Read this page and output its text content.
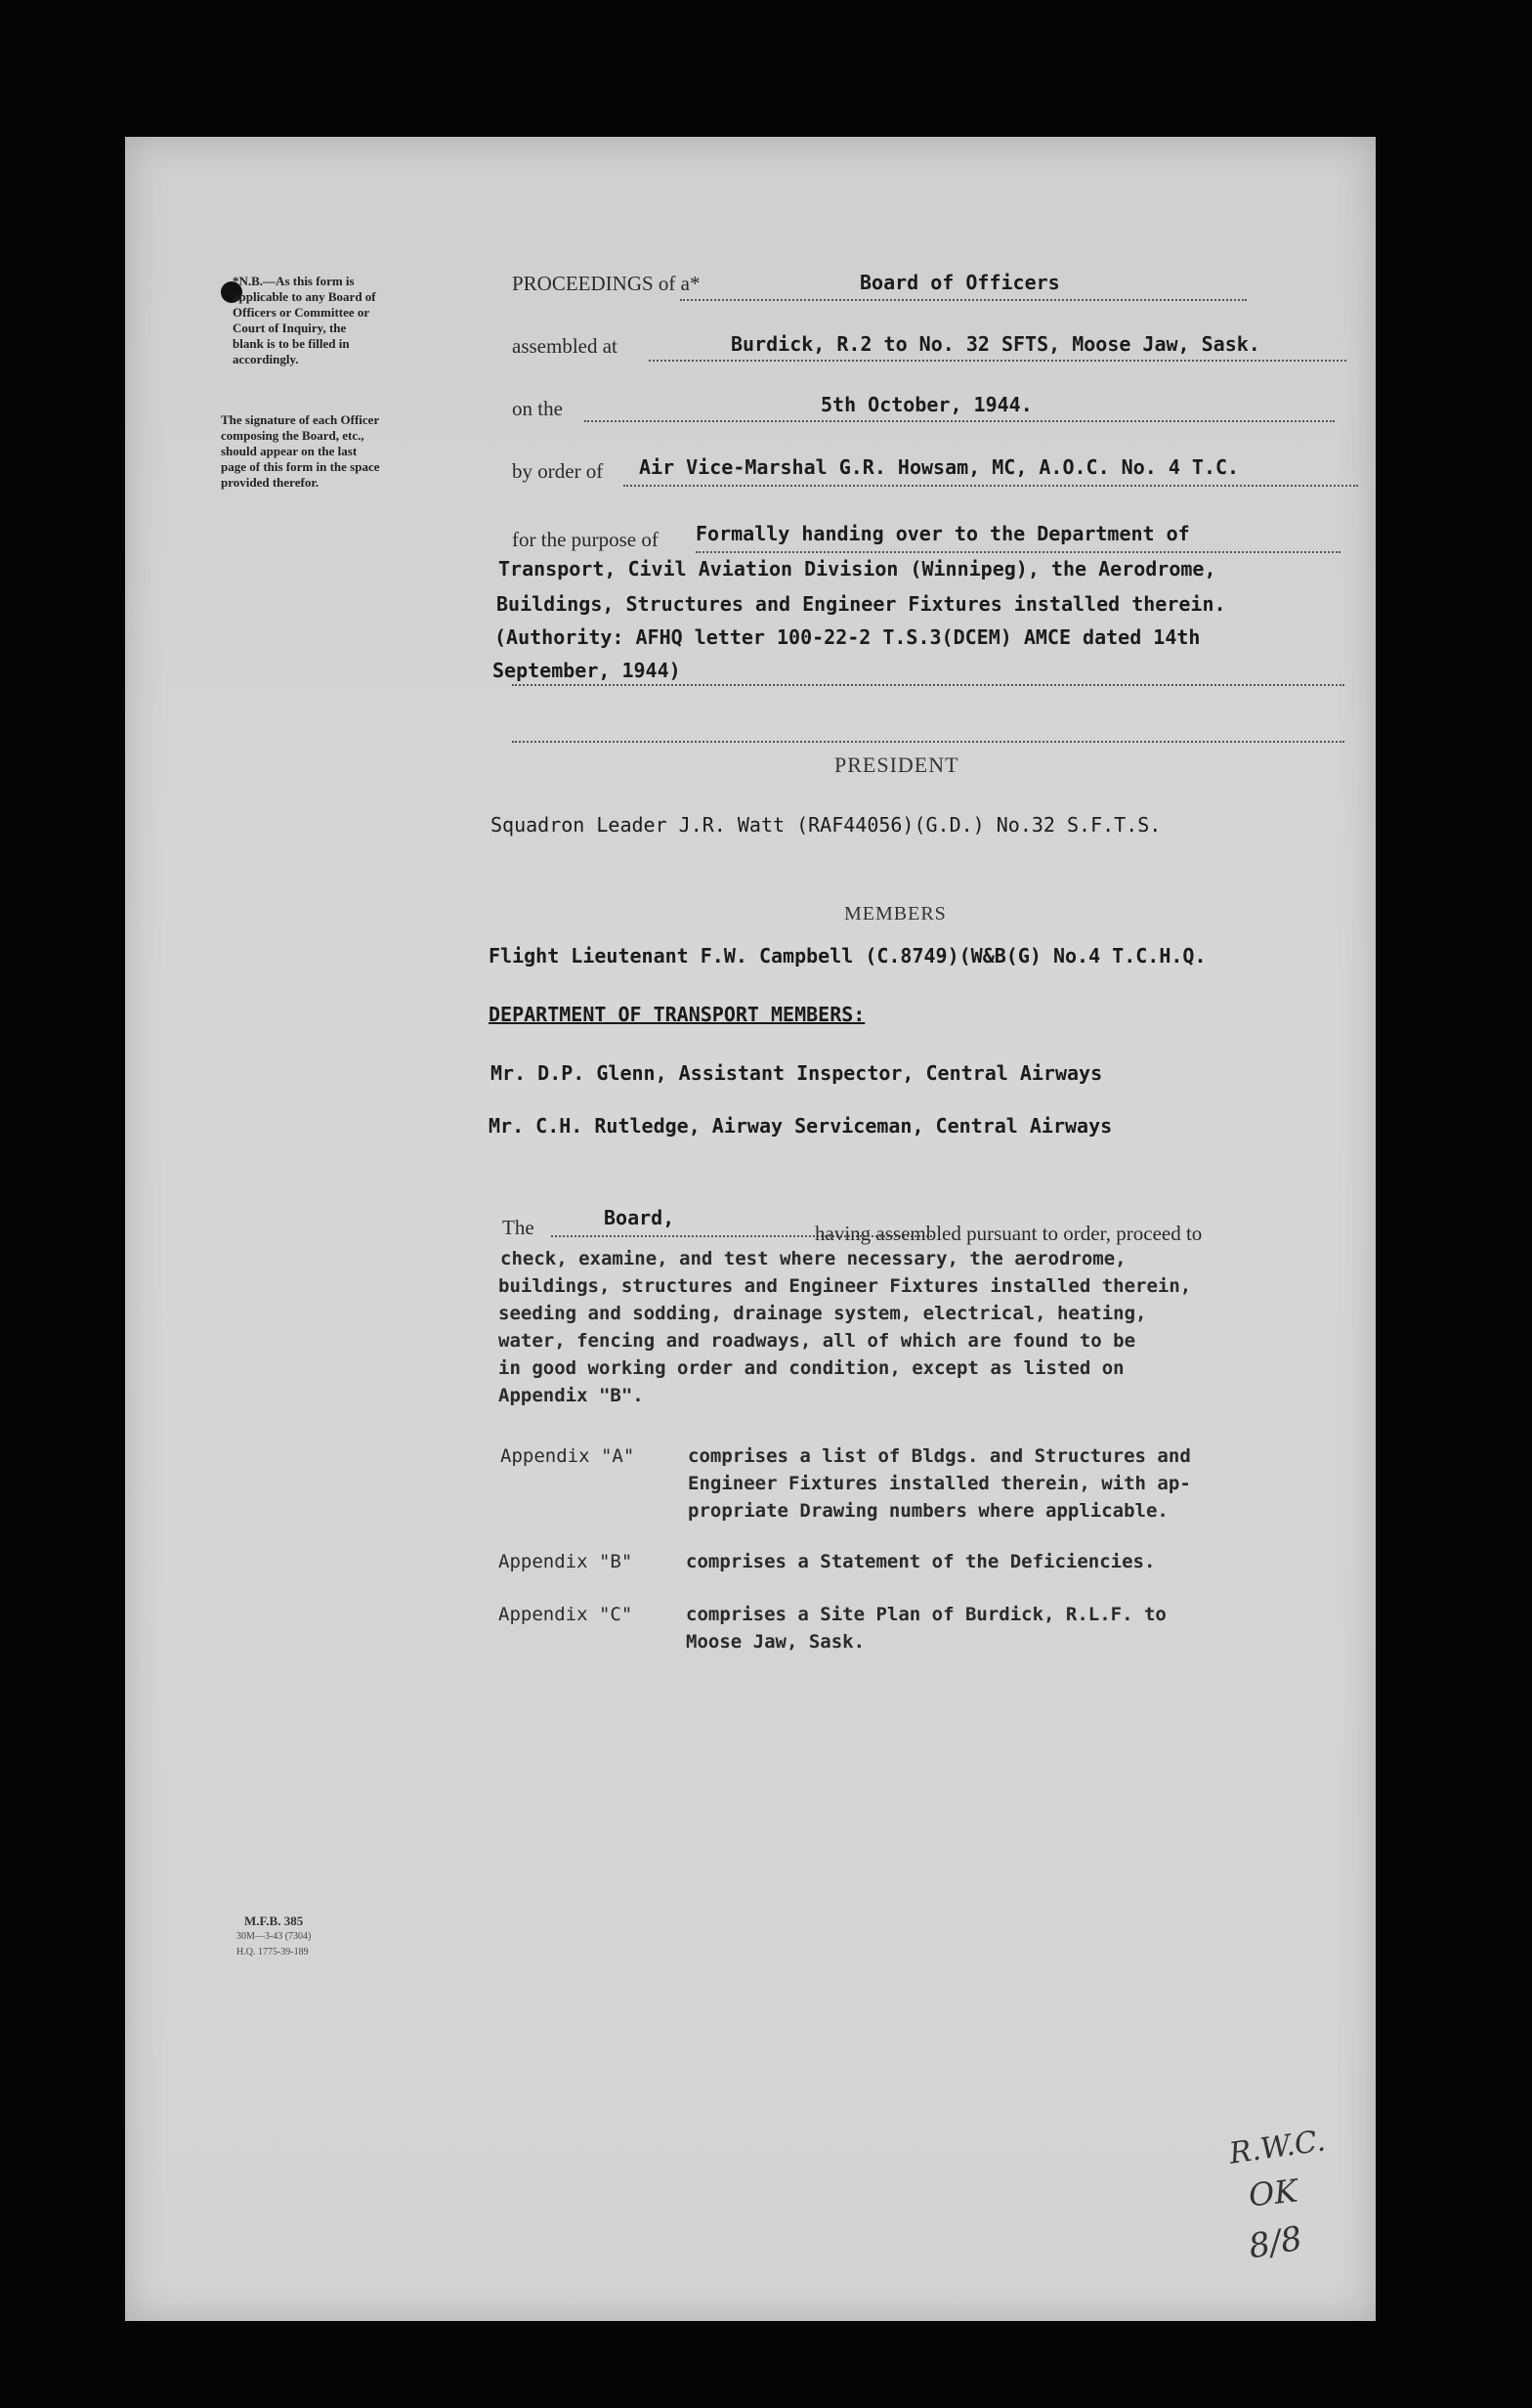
*N.B.—As this form is applicable to any Board of Officers or Committee or Court of Inquiry, the blank is to be filled in accordingly.
The signature of each Officer composing the Board, etc., should appear on the last page of this form in the space provided therefor.
PROCEEDINGS of a*	Board of Officers
assembled at	Burdick, R.2 to No. 32 SFTS, Moose Jaw, Sask.
on the	5th October, 1944.
by order of Air Vice-Marshal G.R. Howsam, MC, A.O.C. No. 4 T.C.
for the purpose of Formally handing over to the Department of
Transport, Civil Aviation Division (Winnipeg), the Aerodrome,
Buildings, Structures and Engineer Fixtures installed therein.
(Authority: AFHQ letter 100-22-2 T.S.3(DCEM) AMCE dated 14th
September, 1944)
PRESIDENT
Squadron Leader J.R. Watt (RAF44056)(G.D.) No.32 S.F.T.S.
MEMBERS
Flight Lieutenant F.W. Campbell (C.8749)(W&B(G) No.4 T.C.H.Q.
DEPARTMENT OF TRANSPORT MEMBERS:
Mr. D.P. Glenn, Assistant Inspector, Central Airways
Mr. C.H. Rutledge, Airway Serviceman, Central Airways
The	Board,
having assembled pursuant to order, proceed to
check, examine, and test where necessary, the aerodrome,
buildings, structures and Engineer Fixtures installed therein,
seeding and sodding, drainage system, electrical, heating,
water, fencing and roadways, all of which are found to be
in good working order and condition, except as listed on
Appendix "B".
Appendix "A"	comprises a list of Bldgs. and Structures and
Engineer Fixtures installed therein, with ap-
propriate Drawing numbers where applicable.
Appendix "B"	comprises a Statement of the Deficiencies.
Appendix "C"	comprises a Site Plan of Burdick, R.L.F. to
Moose Jaw, Sask.
M.F.B. 385
30M—3-43 (7304)
H.Q. 1775-39-189
R.W.C.
OK
8/8
